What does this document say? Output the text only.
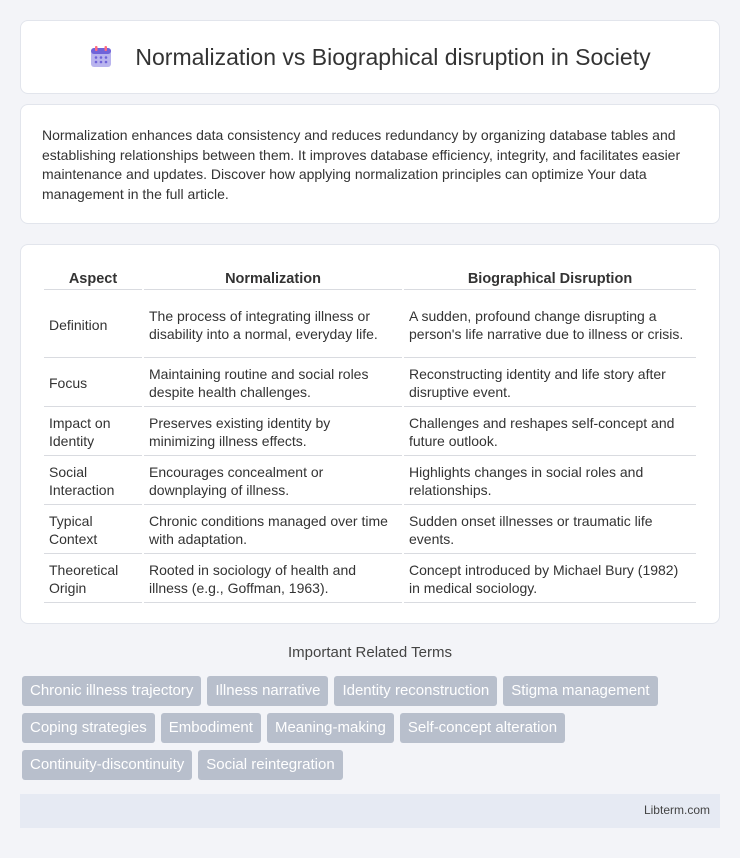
Normalization vs Biographical disruption in Society

Normalization enhances data consistency and reduces redundancy by organizing database tables and establishing relationships between them. It improves database efficiency, integrity, and facilitates easier maintenance and updates. Discover how applying normalization principles can optimize Your data management in the full article.

Aspect	Normalization	Biographical Disruption
Definition	The process of integrating illness or disability into a normal, everyday life.	A sudden, profound change disrupting a person's life narrative due to illness or crisis.
Focus	Maintaining routine and social roles despite health challenges.	Reconstructing identity and life story after disruptive event.
Impact on Identity	Preserves existing identity by minimizing illness effects.	Challenges and reshapes self-concept and future outlook.
Social Interaction	Encourages concealment or downplaying of illness.	Highlights changes in social roles and relationships.
Typical Context	Chronic conditions managed over time with adaptation.	Sudden onset illnesses or traumatic life events.
Theoretical Origin	Rooted in sociology of health and illness (e.g., Goffman, 1963).	Concept introduced by Michael Bury (1982) in medical sociology.
Important Related Terms
Chronic illness trajectory	Illness narrative	Identity reconstruction	Stigma management
Coping strategies	Embodiment	Meaning-making	Self-concept alteration
Continuity-discontinuity	Social reintegration
Libterm.com
